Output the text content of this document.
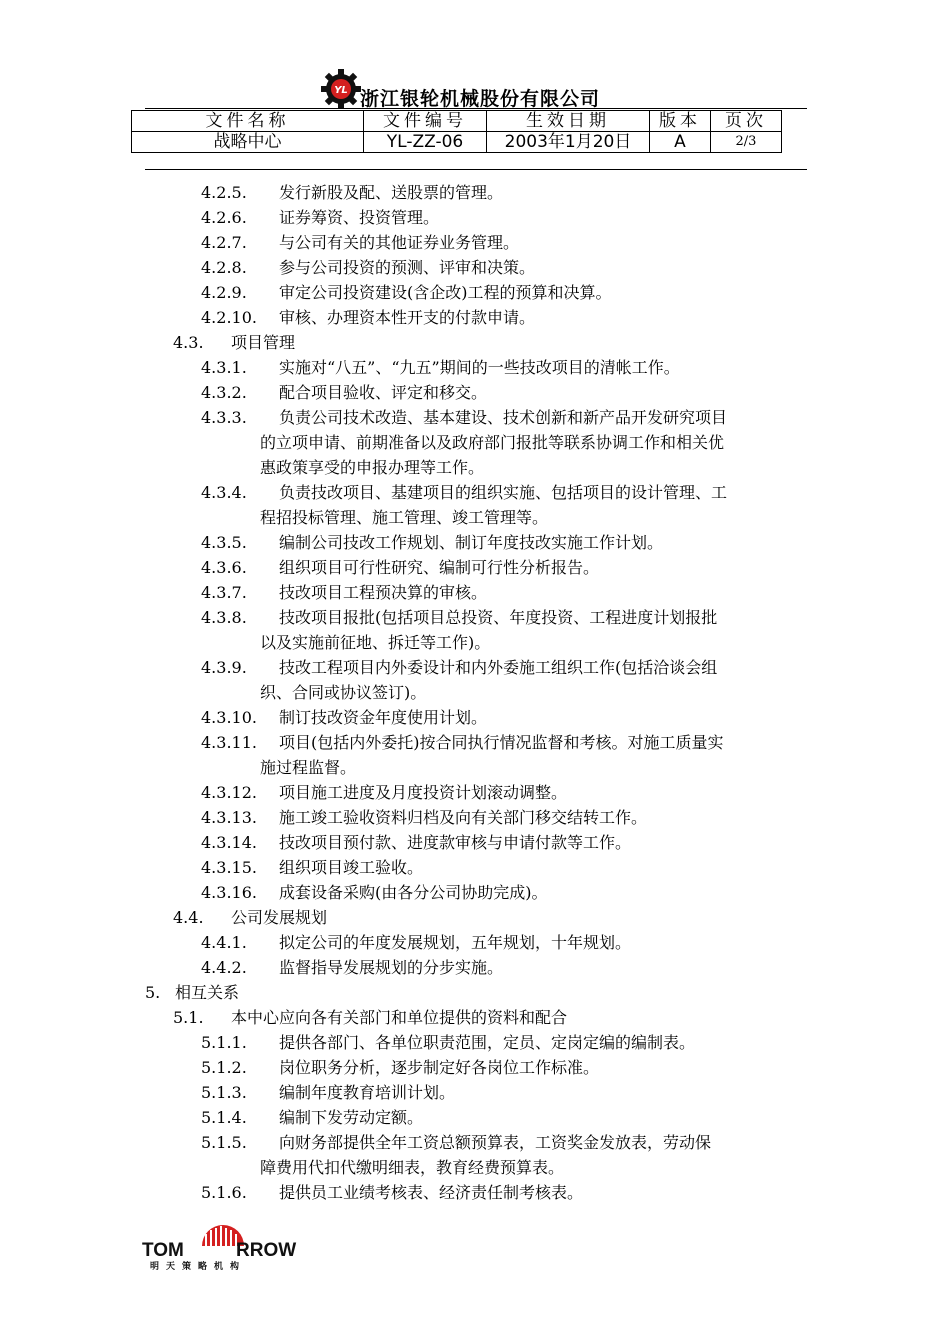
YL 浙江银轮机械股份有限公司
文件名称	文件编号	生效日期	版本	页次
战略中心	YL-ZZ-06	2003年1月20日	A	2/3
4.2.5. 发行新股及配、送股票的管理。
4.2.6. 证券筹资、投资管理。
4.2.7. 与公司有关的其他证券业务管理。
4.2.8. 参与公司投资的预测、评审和决策。
4.2.9. 审定公司投资建设(含企改)工程的预算和决算。
4.2.10. 审核、办理资本性开支的付款申请。
4.3. 项目管理
4.3.1. 实施对“八五”、“九五”期间的一些技改项目的清帐工作。
4.3.2. 配合项目验收、评定和移交。
4.3.3. 负责公司技术改造、基本建设、技术创新和新产品开发研究项目
的立项申请、前期准备以及政府部门报批等联系协调工作和相关优
惠政策享受的申报办理等工作。
4.3.4. 负责技改项目、基建项目的组织实施、包括项目的设计管理、工
程招投标管理、施工管理、竣工管理等。
4.3.5. 编制公司技改工作规划、制订年度技改实施工作计划。
4.3.6. 组织项目可行性研究、编制可行性分析报告。
4.3.7. 技改项目工程预决算的审核。
4.3.8. 技改项目报批(包括项目总投资、年度投资、工程进度计划报批
以及实施前征地、拆迁等工作)。
4.3.9. 技改工程项目内外委设计和内外委施工组织工作(包括洽谈会组
织、合同或协议签订)。
4.3.10. 制订技改资金年度使用计划。
4.3.11. 项目(包括内外委托)按合同执行情况监督和考核。对施工质量实
施过程监督。
4.3.12. 项目施工进度及月度投资计划滚动调整。
4.3.13. 施工竣工验收资料归档及向有关部门移交结转工作。
4.3.14. 技改项目预付款、进度款审核与申请付款等工作。
4.3.15. 组织项目竣工验收。
4.3.16. 成套设备采购(由各分公司协助完成)。
4.4. 公司发展规划
4.4.1. 拟定公司的年度发展规划，五年规划，十年规划。
4.4.2. 监督指导发展规划的分步实施。
5. 相互关系
5.1. 本中心应向各有关部门和单位提供的资料和配合
5.1.1. 提供各部门、各单位职责范围，定员、定岗定编的编制表。
5.1.2. 岗位职务分析，逐步制定好各岗位工作标准。
5.1.3. 编制年度教育培训计划。
5.1.4. 编制下发劳动定额。
5.1.5. 向财务部提供全年工资总额预算表，工资奖金发放表，劳动保
障费用代扣代缴明细表，教育经费预算表。
5.1.6. 提供员工业绩考核表、经济责任制考核表。
TOM	RROW
明天策略机构
